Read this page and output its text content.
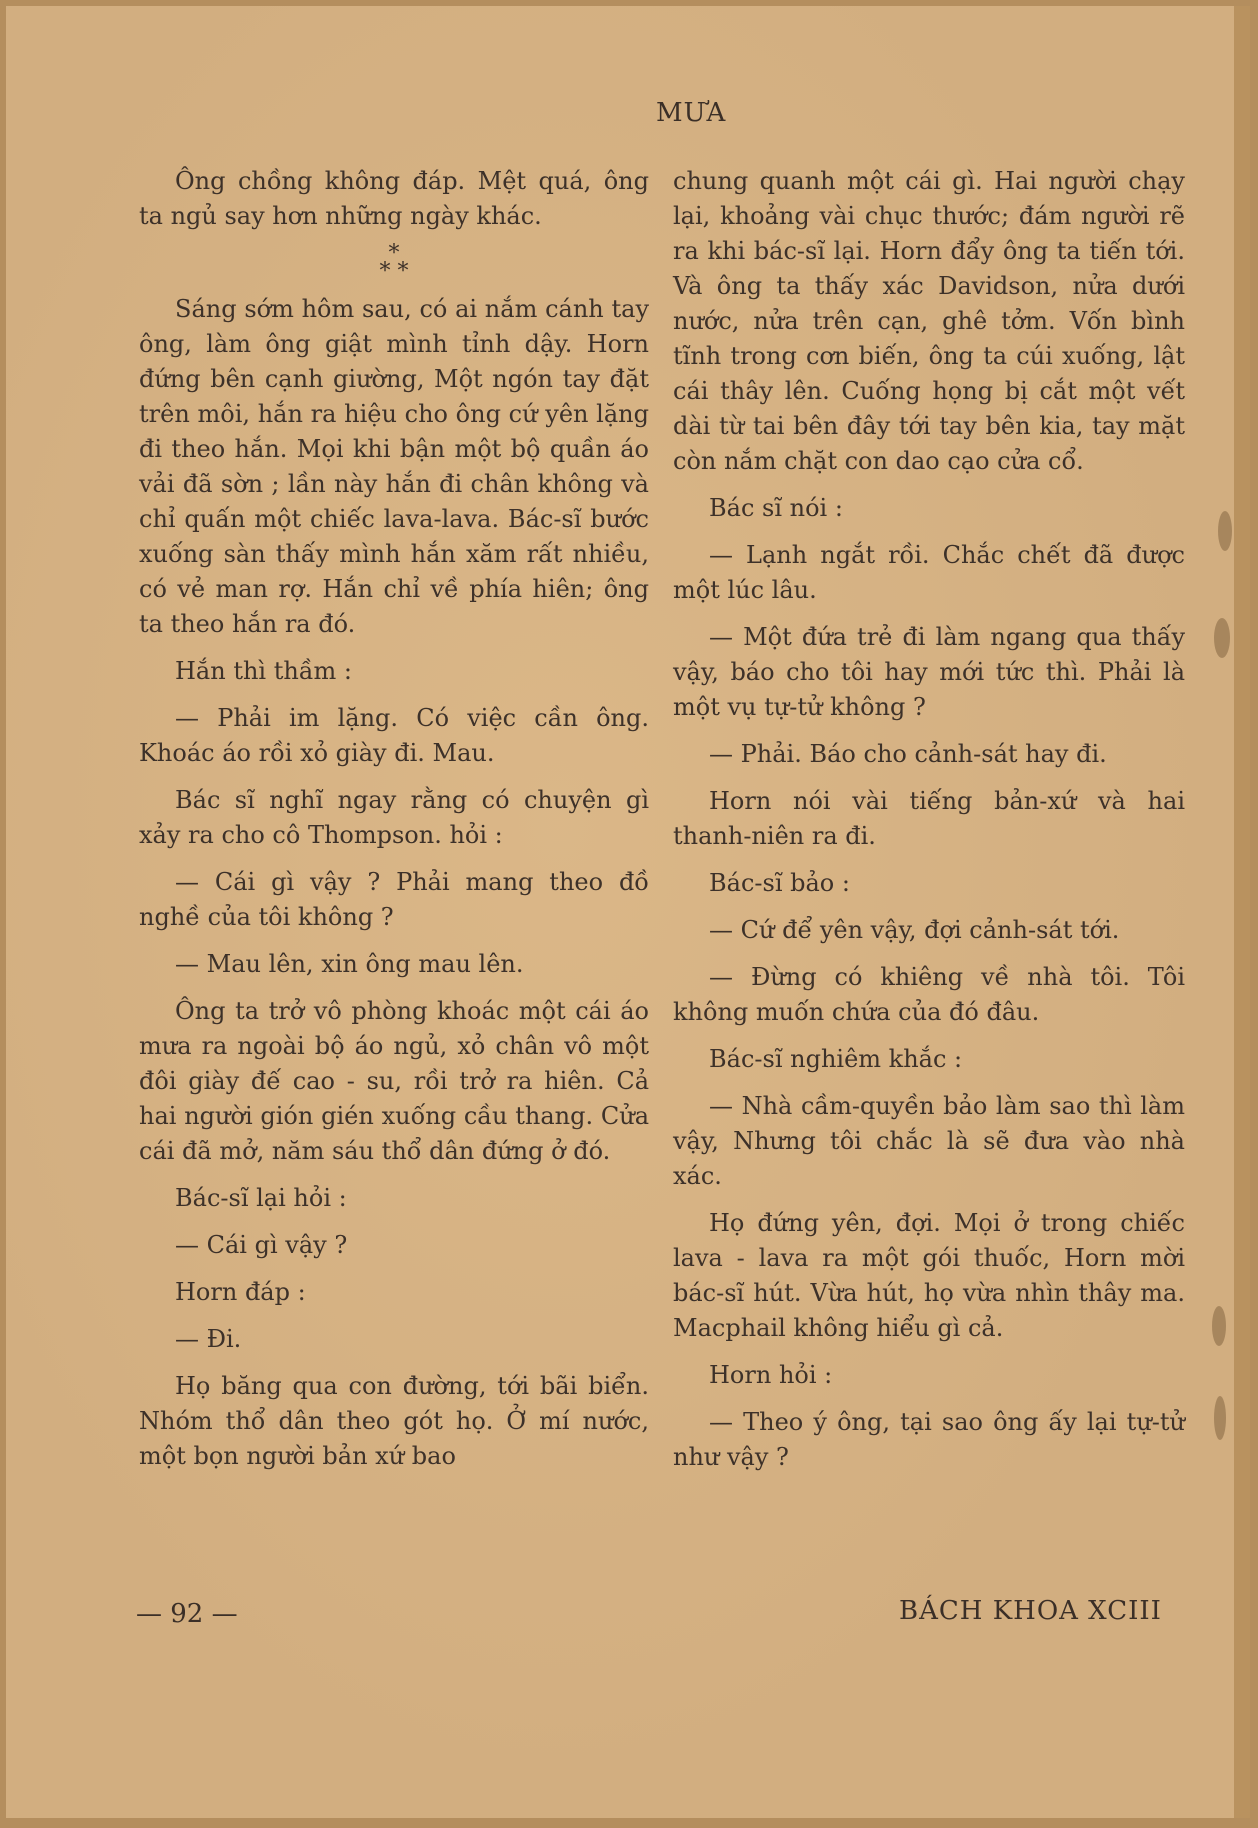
MƯA

Ông chồng không đáp. Mệt quá, ông ta ngủ say hơn những ngày khác.

*
* *

Sáng sớm hôm sau, có ai nắm cánh tay ông, làm ông giật mình tỉnh dậy. Horn đứng bên cạnh giường, Một ngón tay đặt trên môi, hắn ra hiệu cho ông cứ yên lặng đi theo hắn. Mọi khi bận một bộ quần áo vải đã sờn ; lần này hắn đi chân không và chỉ quấn một chiếc lava-lava. Bác-sĩ bước xuống sàn thấy mình hắn xăm rất nhiều, có vẻ man rợ. Hắn chỉ về phía hiên; ông ta theo hắn ra đó.

Hắn thì thầm :

— Phải im lặng. Có việc cần ông. Khoác áo rồi xỏ giày đi. Mau.

Bác sĩ nghĩ ngay rằng có chuyện gì xảy ra cho cô Thompson. hỏi :

— Cái gì vậy ? Phải mang theo đồ nghề của tôi không ?

— Mau lên, xin ông mau lên.

Ông ta trở vô phòng khoác một cái áo mưa ra ngoài bộ áo ngủ, xỏ chân vô một đôi giày đế cao - su, rồi trở ra hiên. Cả hai người gión gién xuống cầu thang. Cửa cái đã mở, năm sáu thổ dân đứng ở đó.

Bác-sĩ lại hỏi :

— Cái gì vậy ?

Horn đáp :

— Đi.

Họ băng qua con đường, tới bãi biển. Nhóm thổ dân theo gót họ. Ở mí nước, một bọn người bản xứ bao

chung quanh một cái gì. Hai người chạy lại, khoảng vài chục thước; đám người rẽ ra khi bác-sĩ lại. Horn đẩy ông ta tiến tới. Và ông ta thấy xác Davidson, nửa dưới nước, nửa trên cạn, ghê tởm. Vốn bình tĩnh trong cơn biến, ông ta cúi xuống, lật cái thây lên. Cuống họng bị cắt một vết dài từ tai bên đây tới tay bên kia, tay mặt còn nắm chặt con dao cạo cửa cổ.

Bác sĩ nói :

— Lạnh ngắt rồi. Chắc chết đã được một lúc lâu.

— Một đứa trẻ đi làm ngang qua thấy vậy, báo cho tôi hay mới tức thì. Phải là một vụ tự-tử không ?

— Phải. Báo cho cảnh-sát hay đi.

Horn nói vài tiếng bản-xứ và hai thanh-niên ra đi.

Bác-sĩ bảo :

— Cứ để yên vậy, đợi cảnh-sát tới.

— Đừng có khiêng về nhà tôi. Tôi không muốn chứa của đó đâu.

Bác-sĩ nghiêm khắc :

— Nhà cầm-quyền bảo làm sao thì làm vậy, Nhưng tôi chắc là sẽ đưa vào nhà xác.

Họ đứng yên, đợi. Mọi ở trong chiếc lava - lava ra một gói thuốc, Horn mời bác-sĩ hút. Vừa hút, họ vừa nhìn thây ma. Macphail không hiểu gì cả.

Horn hỏi :

— Theo ý ông, tại sao ông ấy lại tự-tử như vậy ?

— 92 —	BÁCH KHOA XCIII
